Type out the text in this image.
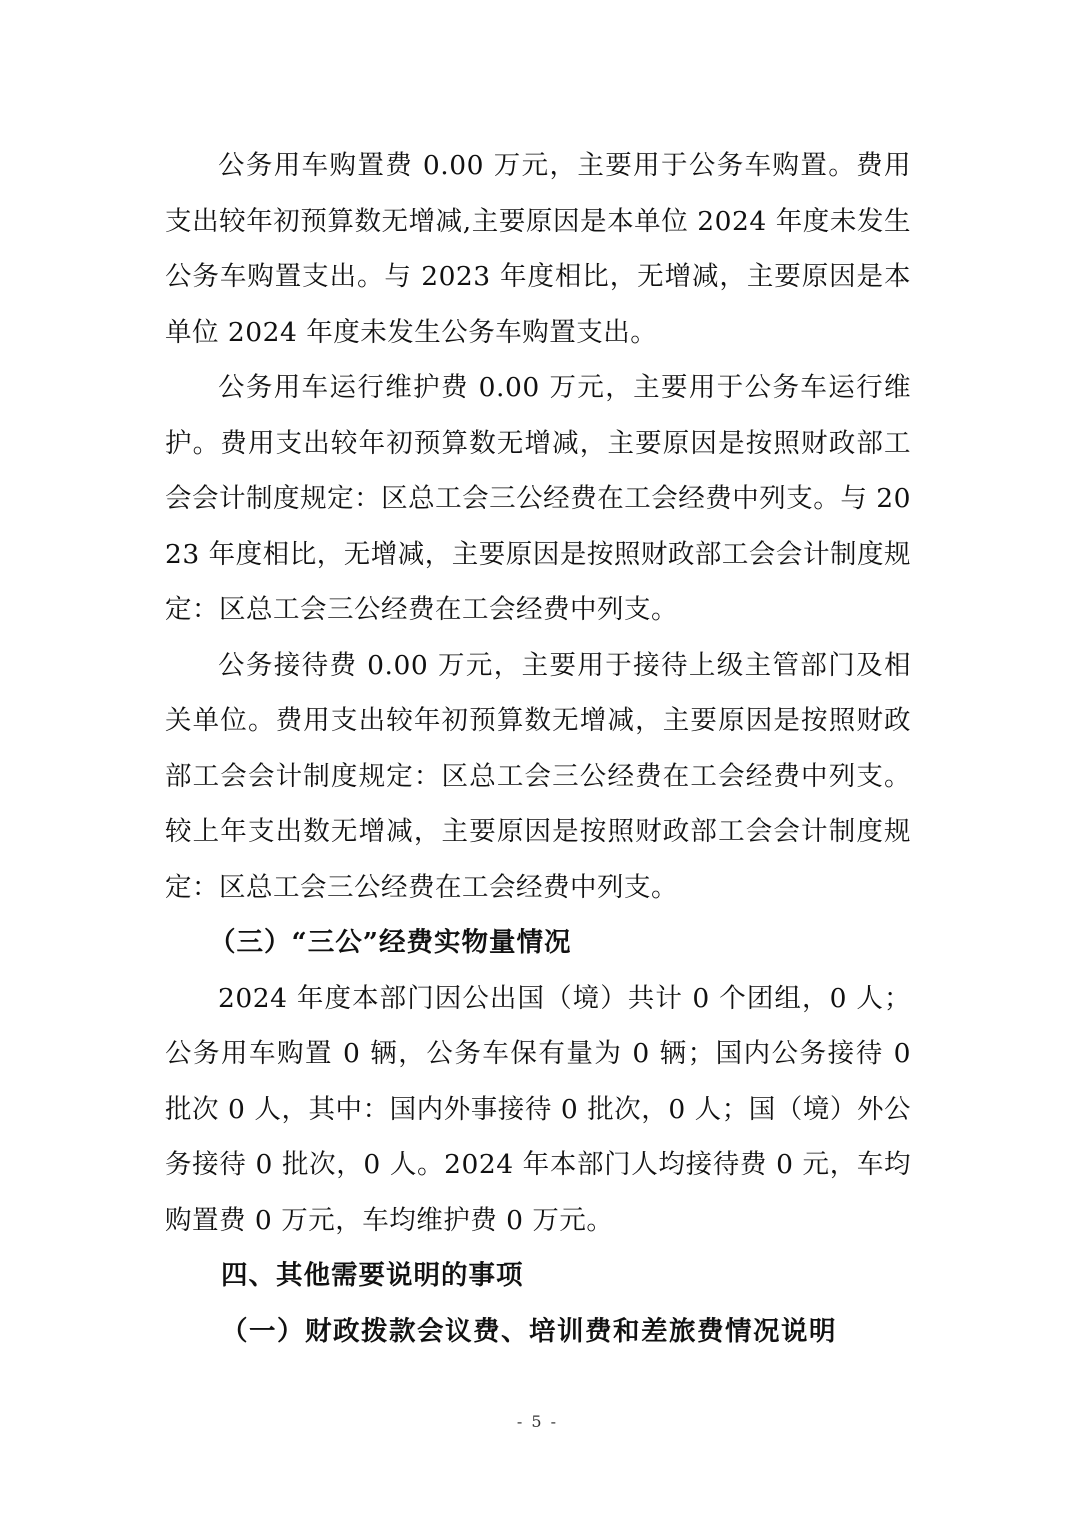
公务用车购置费 0.00 万元，主要用于公务车购置。费用支出较年初预算数无增减,主要原因是本单位 2024 年度未发生公务车购置支出。与 2023 年度相比，无增减，主要原因是本单位 2024 年度未发生公务车购置支出。

公务用车运行维护费 0.00 万元，主要用于公务车运行维护。费用支出较年初预算数无增减，主要原因是按照财政部工会会计制度规定：区总工会三公经费在工会经费中列支。与 2023 年度相比，无增减，主要原因是按照财政部工会会计制度规定：区总工会三公经费在工会经费中列支。

公务接待费 0.00 万元，主要用于接待上级主管部门及相关单位。费用支出较年初预算数无增减，主要原因是按照财政部工会会计制度规定：区总工会三公经费在工会经费中列支。较上年支出数无增减，主要原因是按照财政部工会会计制度规定：区总工会三公经费在工会经费中列支。

（三）“三公”经费实物量情况

2024 年度本部门因公出国（境）共计 0 个团组，0 人；公务用车购置 0 辆，公务车保有量为 0 辆；国内公务接待 0 批次 0 人，其中：国内外事接待 0 批次，0 人；国（境）外公务接待 0 批次，0 人。2024 年本部门人均接待费 0 元，车均购置费 0 万元，车均维护费 0 万元。

四、其他需要说明的事项

（一）财政拨款会议费、培训费和差旅费情况说明

- 5 -
